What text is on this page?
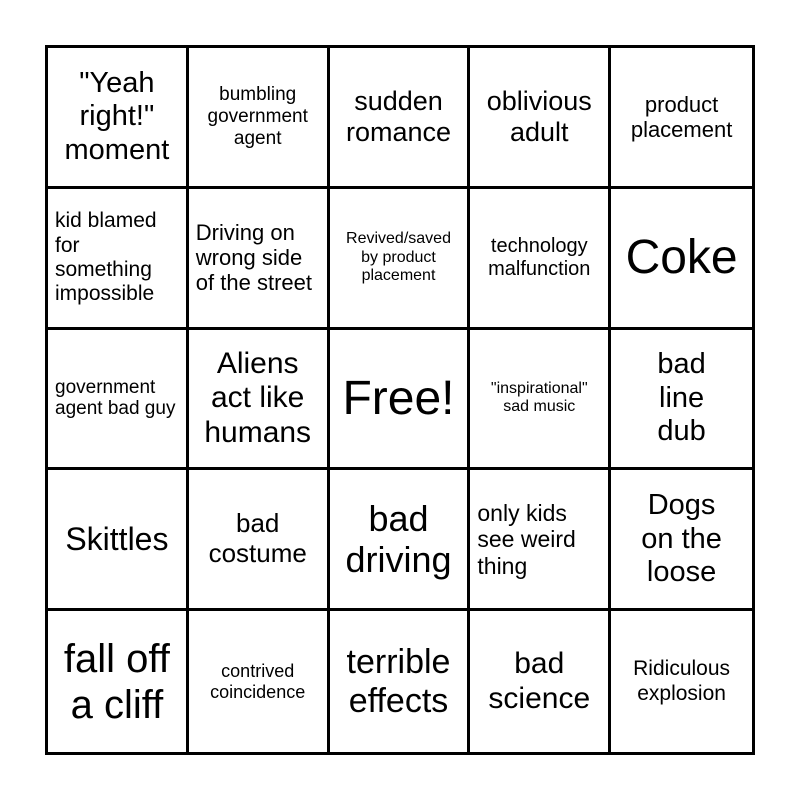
"Yeah right!" moment
bumbling government agent
sudden romance
oblivious adult
product placement
kid blamed for something impossible
Driving on wrong side of the street
Revived/saved by product placement
technology malfunction Coke
government agent bad guy
Aliens act like humans
Free!	"inspirational" sad music
bad line dub
Skittles	bad costume
bad driving
only kids see weird thing
Dogs on the loose
fall off a cliff
contrived coincidence
terrible effects
bad science
Ridiculous explosion
